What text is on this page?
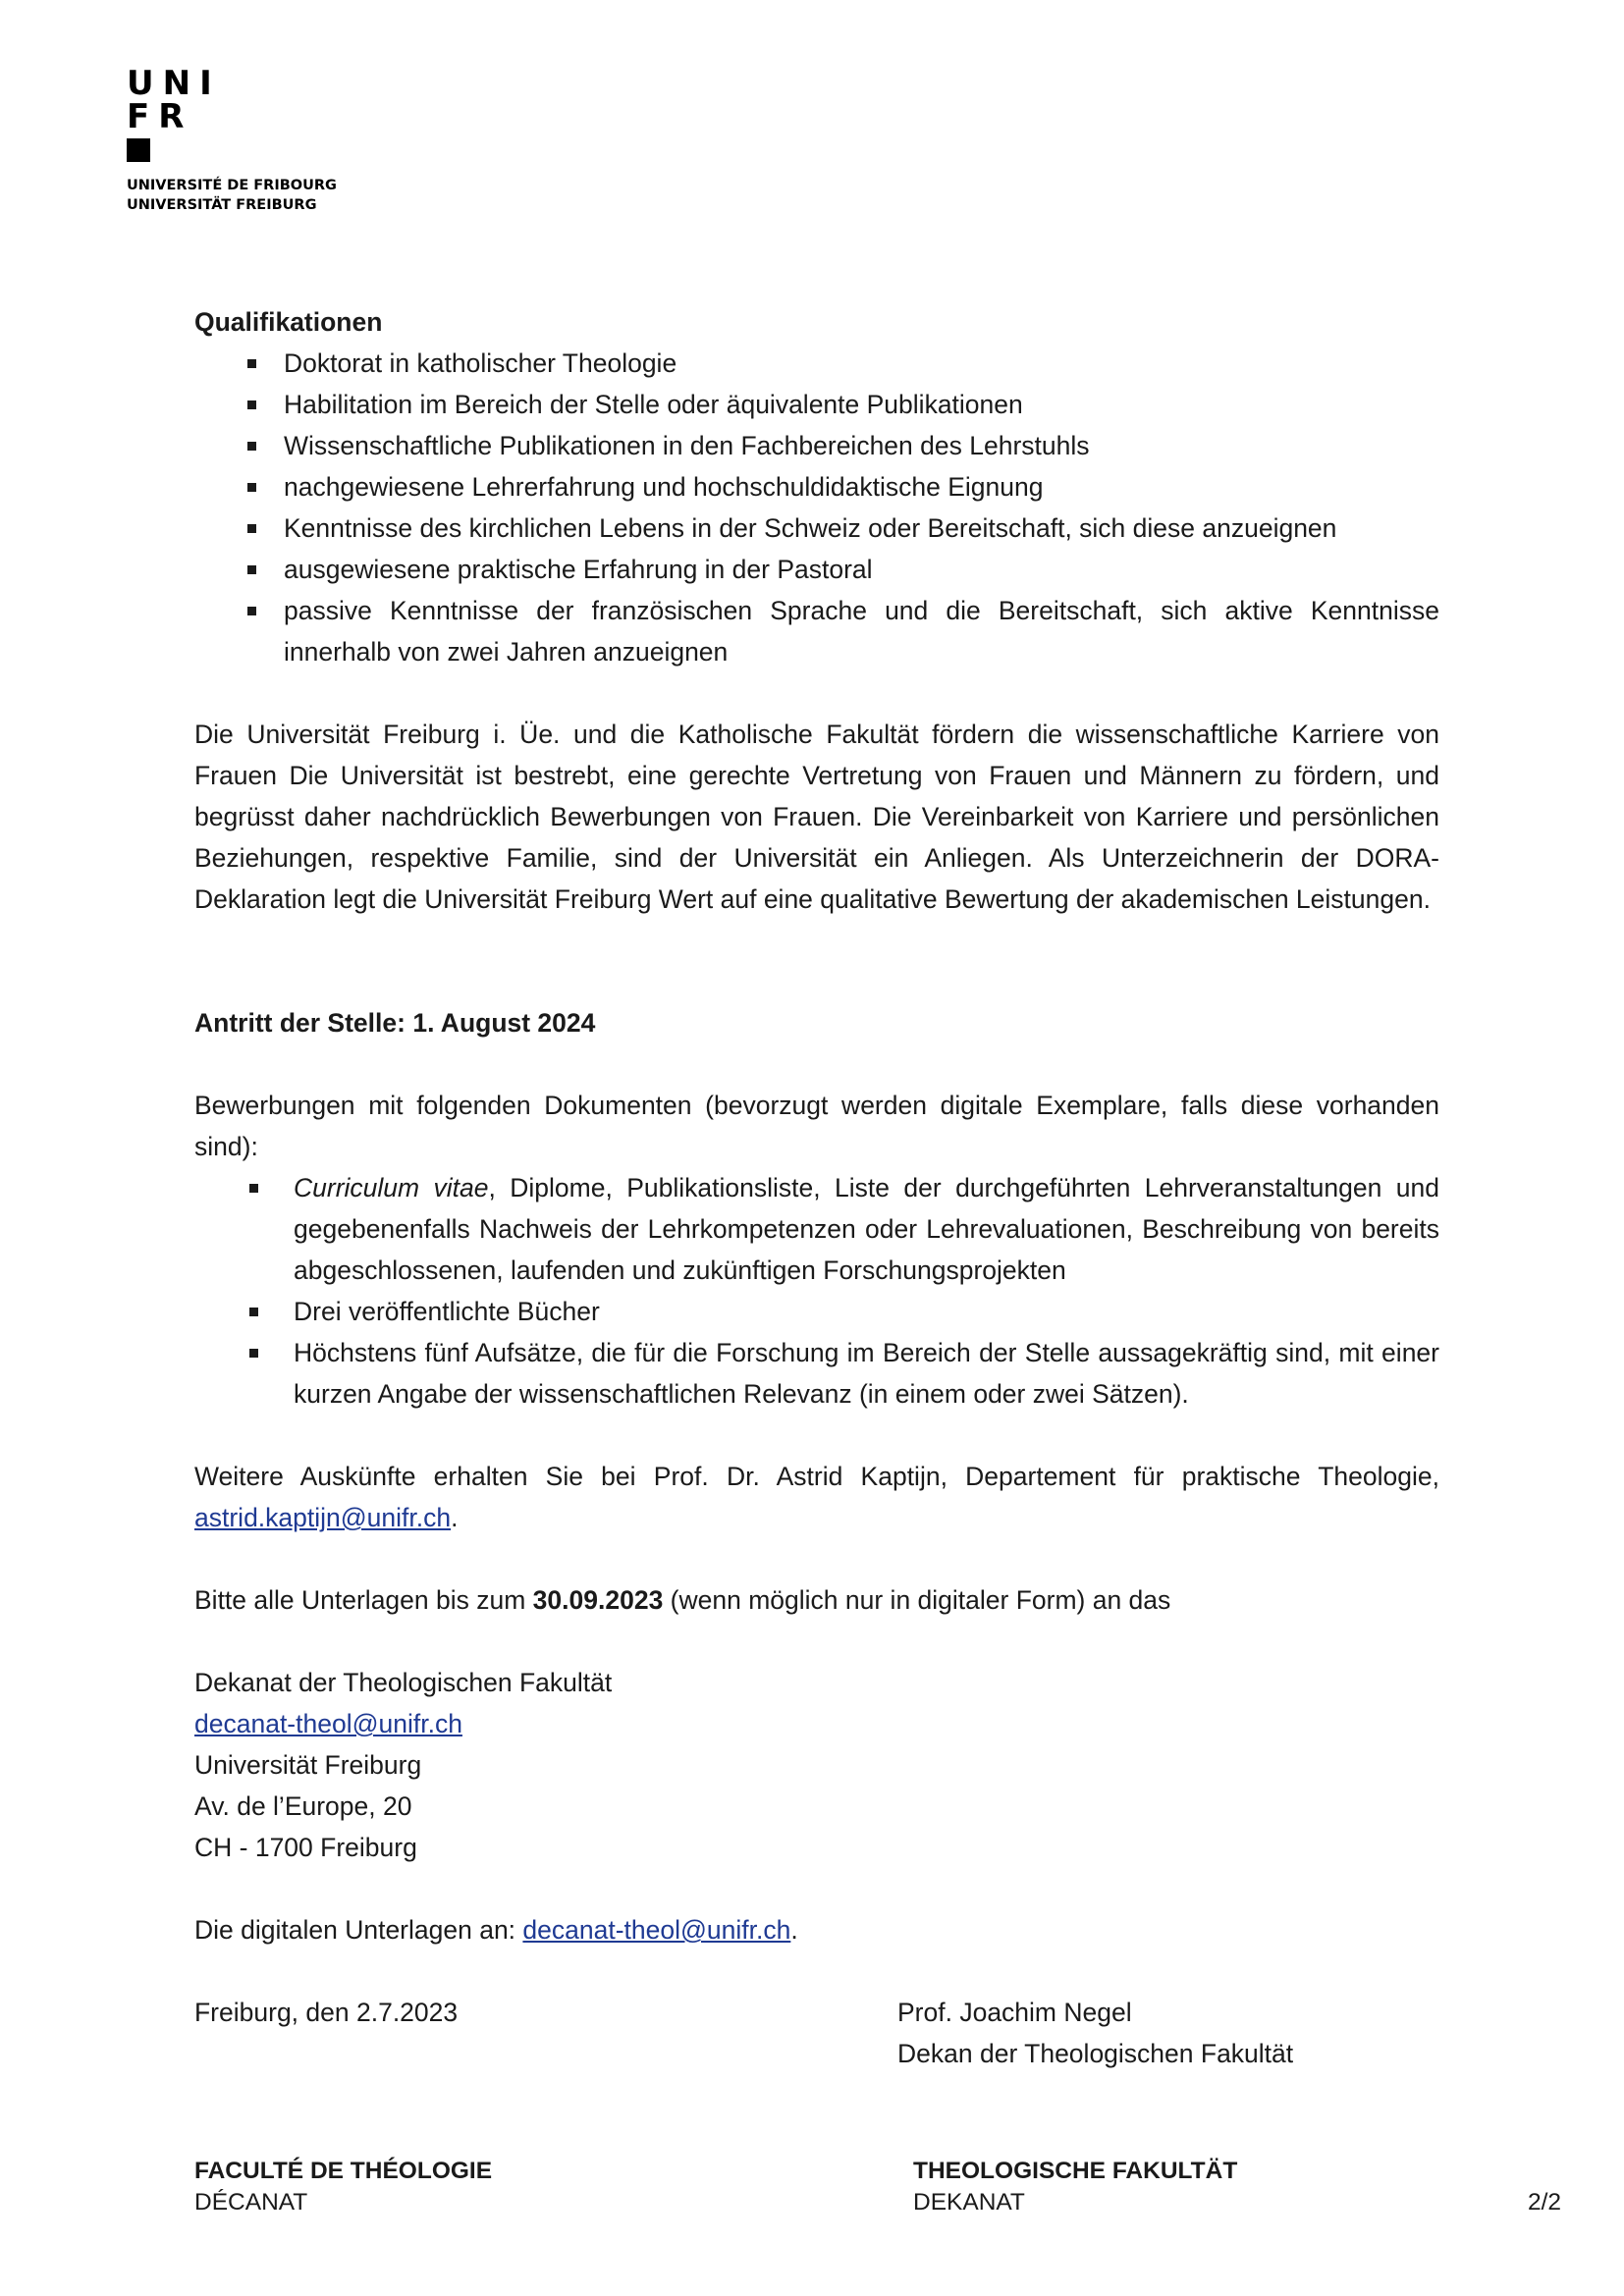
UNI
FR
UNIVERSITÉ DE FRIBOURG
UNIVERSITÄT FREIBURG
Qualifikationen
Doktorat in katholischer Theologie
Habilitation im Bereich der Stelle oder äquivalente Publikationen
Wissenschaftliche Publikationen in den Fachbereichen des Lehrstuhls
nachgewiesene Lehrerfahrung und hochschuldidaktische Eignung
Kenntnisse des kirchlichen Lebens in der Schweiz oder Bereitschaft, sich diese anzueignen
ausgewiesene praktische Erfahrung in der Pastoral
passive Kenntnisse der französischen Sprache und die Bereitschaft, sich aktive Kenntnisse innerhalb von zwei Jahren anzueignen
Die Universität Freiburg i. Üe. und die Katholische Fakultät fördern die wissenschaftliche Karriere von Frauen Die Universität ist bestrebt, eine gerechte Vertretung von Frauen und Männern zu fördern, und begrüsst daher nachdrücklich Bewerbungen von Frauen. Die Vereinbarkeit von Karriere und persönlichen Beziehungen, respektive Familie, sind der Universität ein Anliegen. Als Unterzeichnerin der DORA-Deklaration legt die Universität Freiburg Wert auf eine qualitative Bewertung der akademischen Leistungen.
Antritt der Stelle: 1. August 2024
Bewerbungen mit folgenden Dokumenten (bevorzugt werden digitale Exemplare, falls diese vorhanden sind):
Curriculum vitae, Diplome, Publikationsliste, Liste der durchgeführten Lehrveranstaltungen und gegebenenfalls Nachweis der Lehrkompetenzen oder Lehrevaluationen, Beschreibung von bereits abgeschlossenen, laufenden und zukünftigen Forschungsprojekten
Drei veröffentlichte Bücher
Höchstens fünf Aufsätze, die für die Forschung im Bereich der Stelle aussagekräftig sind, mit einer kurzen Angabe der wissenschaftlichen Relevanz (in einem oder zwei Sätzen).
Weitere Auskünfte erhalten Sie bei Prof. Dr. Astrid Kaptijn, Departement für praktische Theologie, astrid.kaptijn@unifr.ch.
Bitte alle Unterlagen bis zum 30.09.2023 (wenn möglich nur in digitaler Form) an das
Dekanat der Theologischen Fakultät
decanat-theol@unifr.ch
Universität Freiburg
Av. de l’Europe, 20
CH - 1700 Freiburg
Die digitalen Unterlagen an: decanat-theol@unifr.ch.
Freiburg, den 2.7.2023	Prof. Joachim Negel
Dekan der Theologischen Fakultät
FACULTÉ DE THÉOLOGIE
DÉCANAT
THEOLOGISCHE FAKULTÄT
DEKANAT	2/2
